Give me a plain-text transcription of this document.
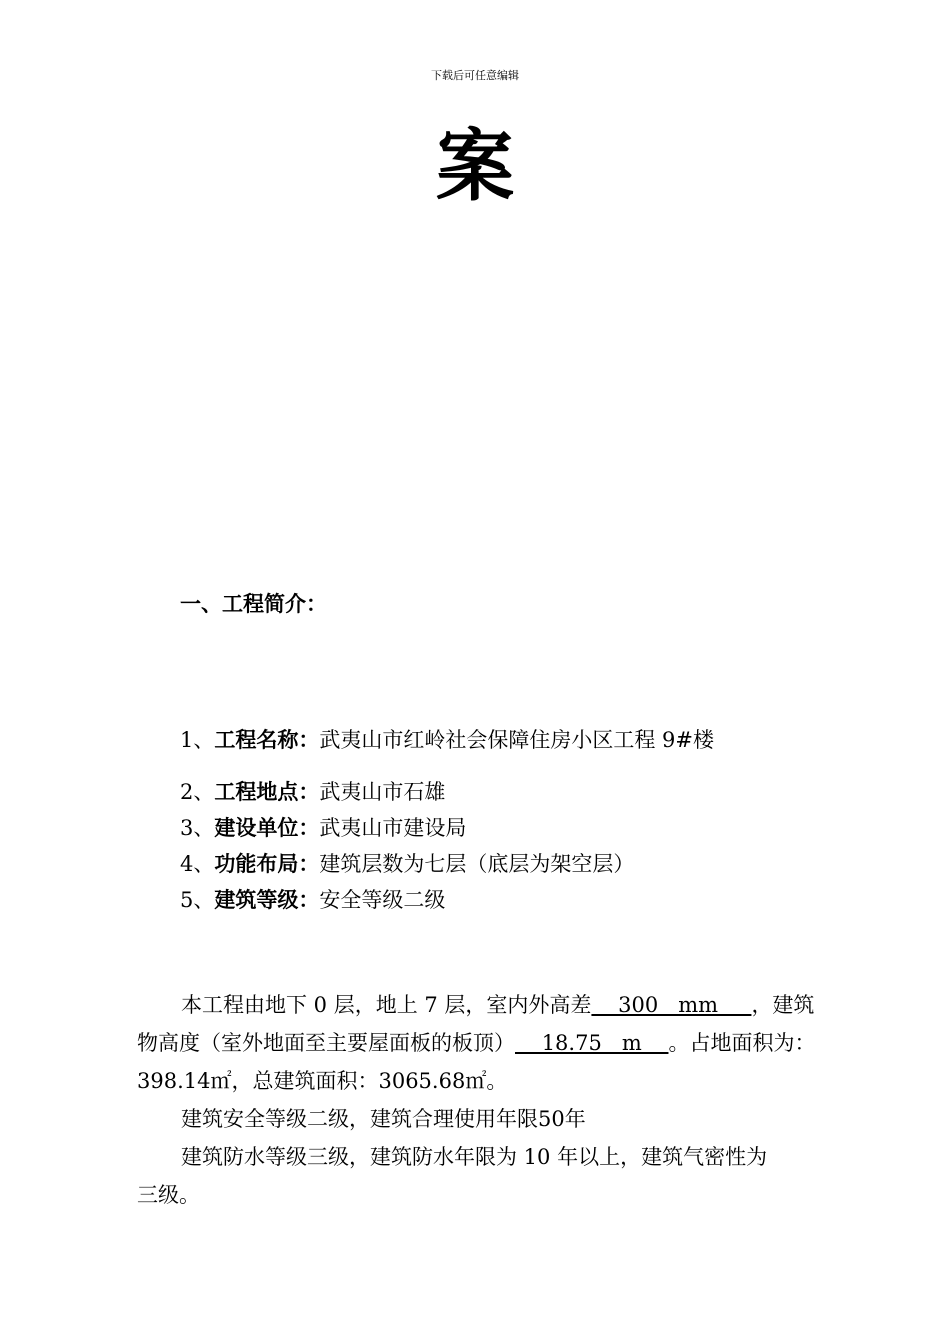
下载后可任意编辑
案
一、工程简介：
1、工程名称：武夷山市红岭社会保障住房小区工程 9#楼
2、工程地点：武夷山市石雄
3、建设单位：武夷山市建设局
4、功能布局：建筑层数为七层（底层为架空层）
5、建筑等级：安全等级二级

本工程由地下 0 层，地上 7 层，室内外高差    300   mm     ，建筑

物高度（室外地面至主要屋面板的板顶）    18.75   m    。占地面积为：

398.14㎡，总建筑面积：3065.68㎡。

建筑安全等级二级，建筑合理使用年限50年

建筑防水等级三级，建筑防水年限为 10 年以上，建筑气密性为

三级。
